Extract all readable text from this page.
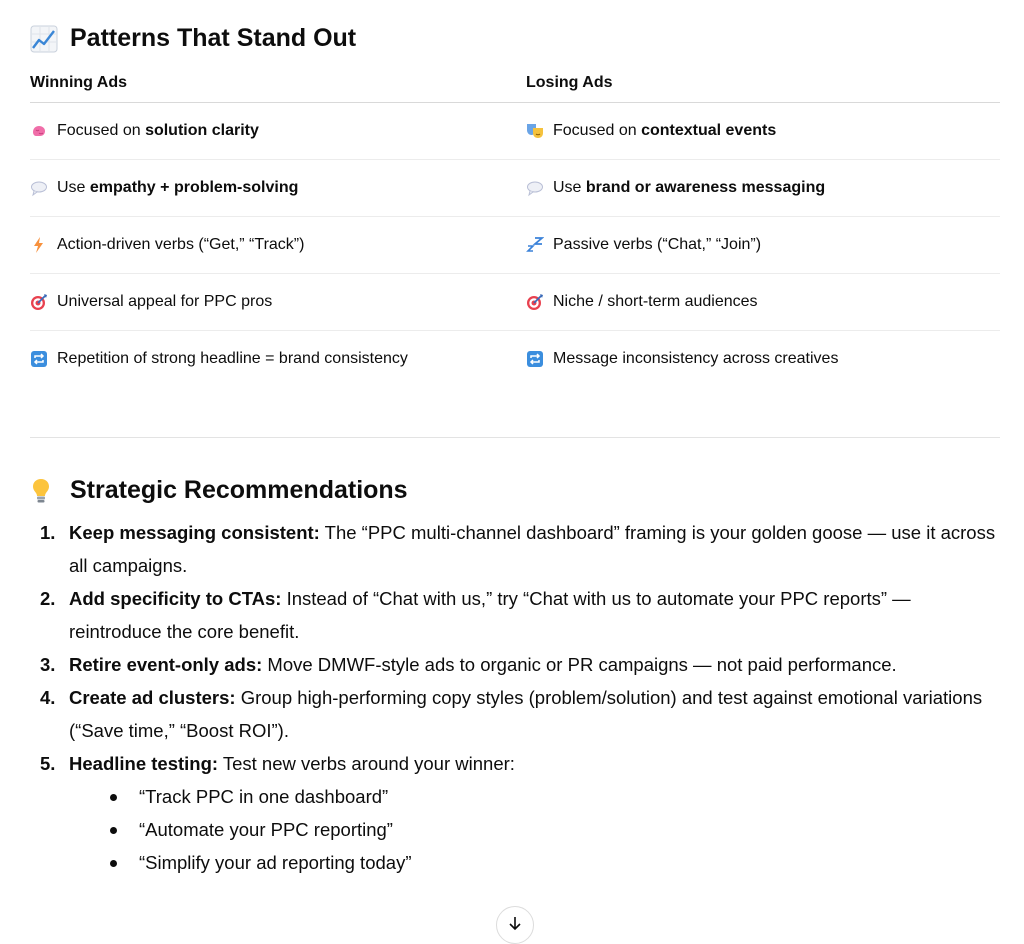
Patterns That Stand Out
Winning Ads	Losing Ads

Focused on solution clarity	Focused on contextual events

Use empathy + problem-solving	Use brand or awareness messaging

Action-driven verbs (“Get,” “Track”)	Passive verbs (“Chat,” “Join”)

Universal appeal for PPC pros	Niche / short-term audiences

Repetition of strong headline = brand consistency	Message inconsistency across creatives
Strategic Recommendations
1. Keep messaging consistent: The “PPC multi-channel dashboard” framing is your golden goose — use it across all campaigns.
2. Add specificity to CTAs: Instead of “Chat with us,” try “Chat with us to automate your PPC reports” — reintroduce the core benefit.
3. Retire event-only ads: Move DMWF-style ads to organic or PR campaigns — not paid performance.
4. Create ad clusters: Group high-performing copy styles (problem/solution) and test against emotional variations (“Save time,” “Boost ROI”).
5. Headline testing: Test new verbs around your winner:
“Track PPC in one dashboard”
“Automate your PPC reporting”
“Simplify your ad reporting today”
